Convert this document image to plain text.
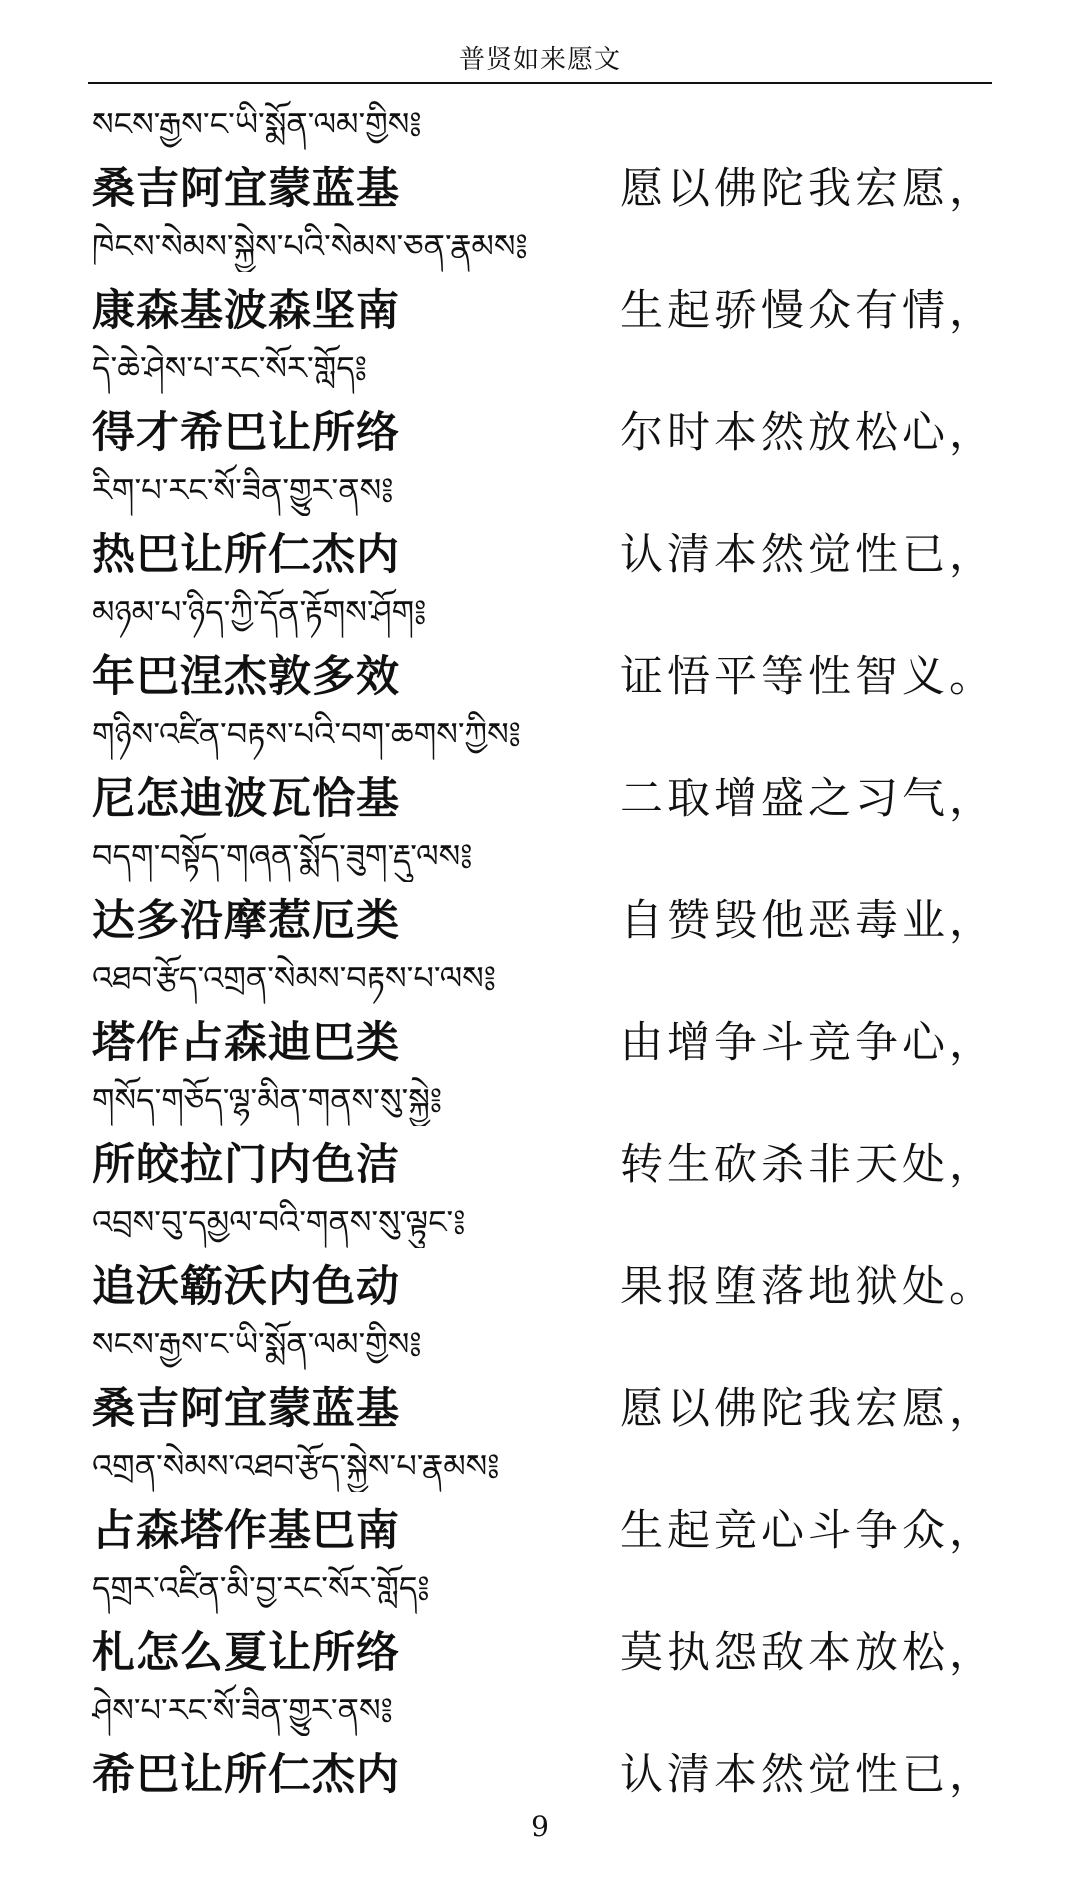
普贤如来愿文
སངས་རྒྱས་ང་ཡི་སྨོན་ལམ་གྱིས༔
桑吉阿宜蒙蓝基	愿以佛陀我宏愿，
ཁེངས་སེམས་སྐྱེས་པའི་སེམས་ཅན་རྣམས༔
康森基波森坚南	生起骄慢众有情，
དེ་ཆེ་ཤེས་པ་རང་སོར་གློད༔
得才希巴让所络	尔时本然放松心，
རིག་པ་རང་སོ་ཟིན་གྱུར་ནས༔
热巴让所仁杰内	认清本然觉性已，
མཉམ་པ་ཉིད་ཀྱི་དོན་རྟོགས་ཤོག༔
年巴涅杰敦多效	证悟平等性智义。
གཉིས་འཛིན་བརྟས་པའི་བག་ཆགས་ཀྱིས༔
尼怎迪波瓦恰基	二取增盛之习气，
བདག་བསྟོད་གཞན་སྨོད་ཟུག་རྡུ་ལས༔
达多沿摩惹厄类	自赞毁他恶毒业，
འཐབ་རྩོད་འགྲན་སེམས་བརྟས་པ་ལས༔
塔作占森迪巴类	由增争斗竞争心，
གསོད་གཅོད་ལྷ་མིན་གནས་སུ་སྐྱེ༔
所皎拉门内色洁	转生砍杀非天处，
འབྲས་བུ་དམྱལ་བའི་གནས་སུ་ལྟུང་༔
追沃簕沃内色动	果报堕落地狱处。
སངས་རྒྱས་ང་ཡི་སྨོན་ལམ་གྱིས༔
桑吉阿宜蒙蓝基	愿以佛陀我宏愿，
འགྲན་སེམས་འཐབ་རྩོད་སྐྱེས་པ་རྣམས༔
占森塔作基巴南	生起竞心斗争众，
དགྲར་འཛིན་མི་བྱ་རང་སོར་གློད༔
札怎么夏让所络	莫执怨敌本放松，
ཤེས་པ་རང་སོ་ཟིན་གྱུར་ནས༔
希巴让所仁杰内	认清本然觉性已，
9
